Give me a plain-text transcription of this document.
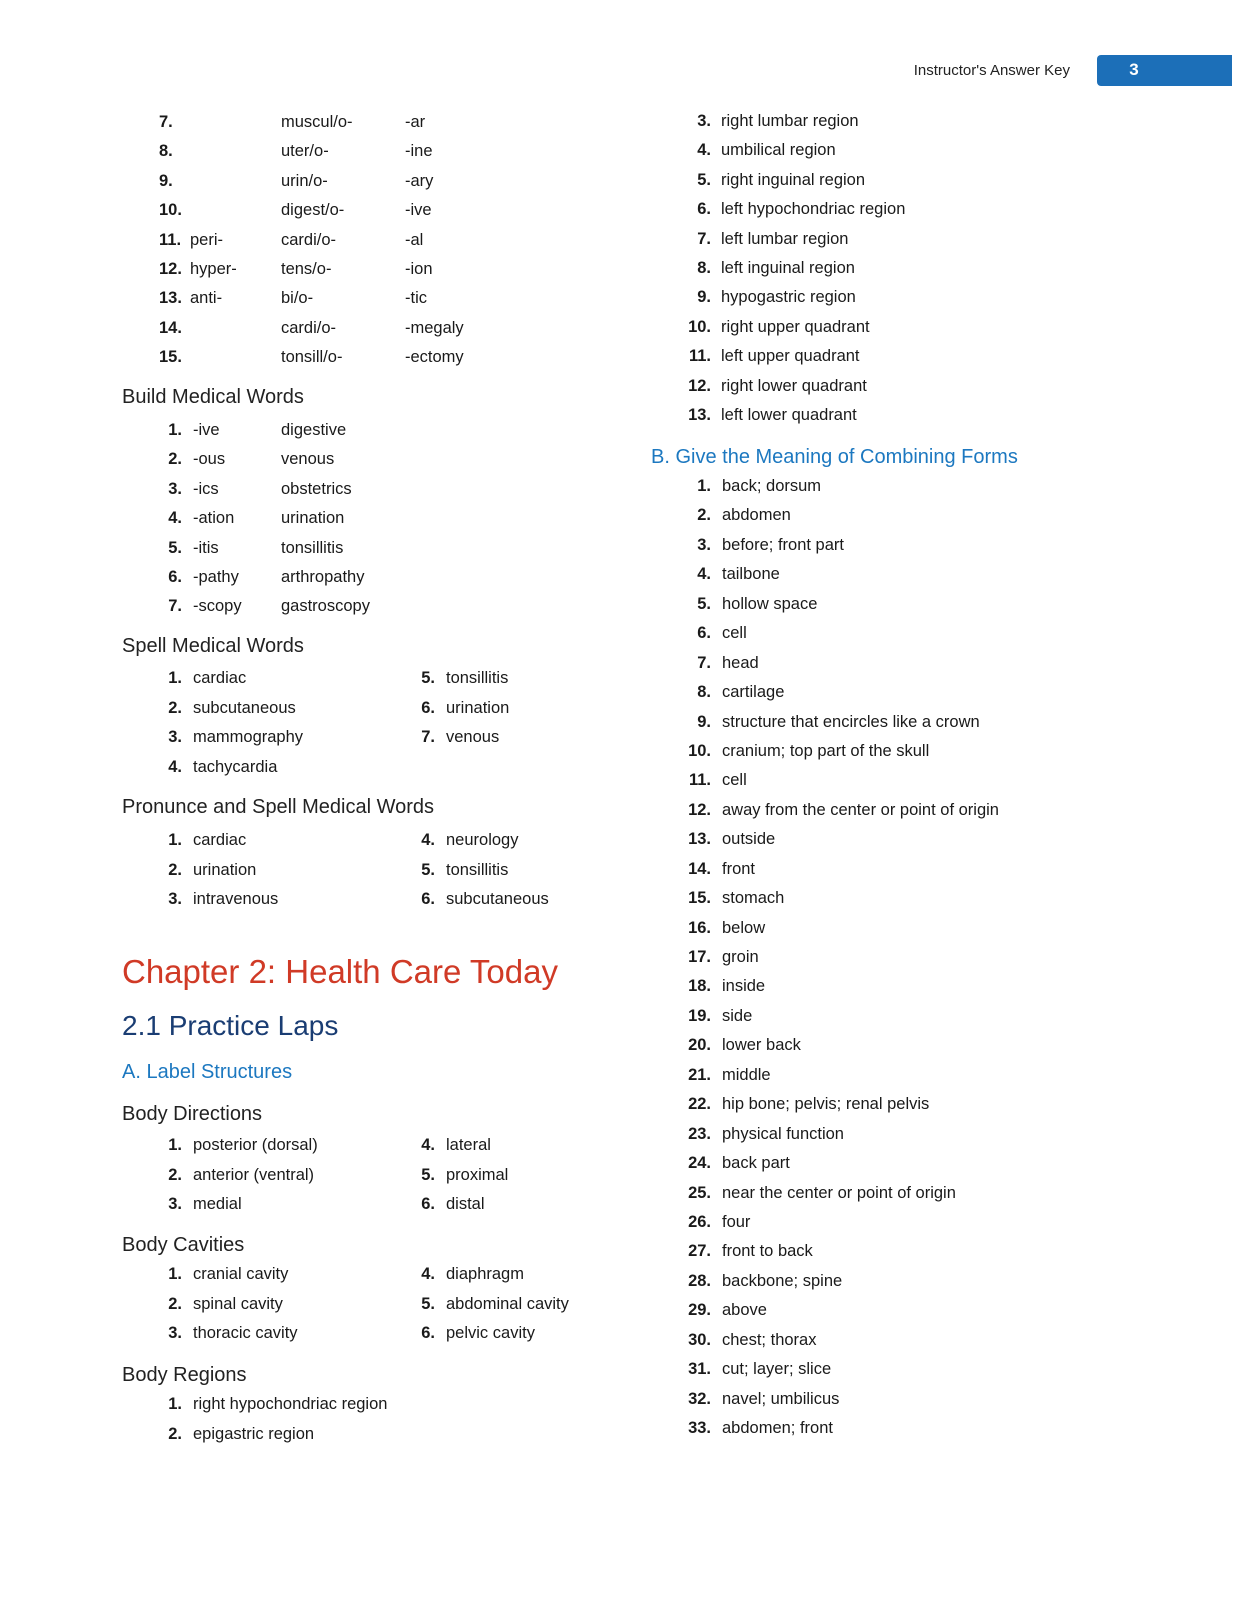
Instructor's Answer Key	3
7.	muscul/o-	-ar
8.	uter/o-	-ine
9.	urin/o-	-ary
10.	digest/o-	-ive
11. peri-	cardi/o-	-al
12. hyper-	tens/o-	-ion
13. anti-	bi/o-	-tic
14.	cardi/o-	-megaly
15.	tonsill/o-	-ectomy
Build Medical Words
1. -ive	digestive
2. -ous	venous
3. -ics	obstetrics
4. -ation	urination
5. -itis	tonsillitis
6. -pathy	arthropathy
7. -scopy gastroscopy
Spell Medical Words
1. cardiac
2. subcutaneous
3. mammography
4. tachycardia
5. tonsillitis
6. urination
7. venous
Pronunce and Spell Medical Words
1. cardiac
2. urination
3. intravenous
4. neurology
5. tonsillitis
6. subcutaneous
Chapter 2: Health Care Today
2.1 Practice Laps
A. Label Structures
Body Directions
1. posterior (dorsal)
2. anterior (ventral)
3. medial
4. lateral
5. proximal
6. distal
Body Cavities
1. cranial cavity
2. spinal cavity
3. thoracic cavity
4. diaphragm
5. abdominal cavity
6. pelvic cavity
Body Regions
1. right hypochondriac region
2. epigastric region
3. right lumbar region
4. umbilical region
5. right inguinal region
6. left hypochondriac region
7. left lumbar region
8. left inguinal region
9. hypogastric region
10. right upper quadrant
11. left upper quadrant
12. right lower quadrant
13. left lower quadrant
B. Give the Meaning of Combining Forms
1. back; dorsum
2. abdomen
3. before; front part
4. tailbone
5. hollow space
6. cell
7. head
8. cartilage
9. structure that encircles like a crown
10. cranium; top part of the skull
11. cell
12. away from the center or point of origin
13. outside
14. front
15. stomach
16. below
17. groin
18. inside
19. side
20. lower back
21. middle
22. hip bone; pelvis; renal pelvis
23. physical function
24. back part
25. near the center or point of origin
26. four
27. front to back
28. backbone; spine
29. above
30. chest; thorax
31. cut; layer; slice
32. navel; umbilicus
33. abdomen; front
